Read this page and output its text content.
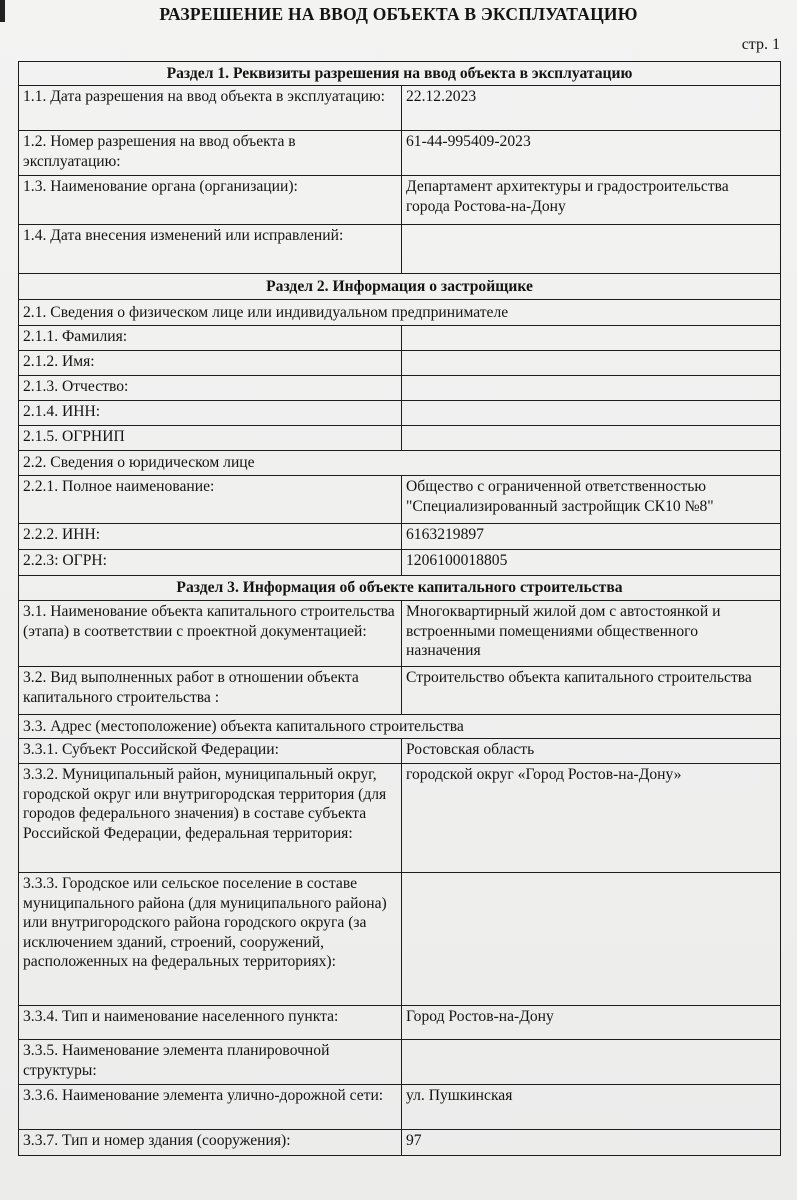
РАЗРЕШЕНИЕ НА ВВОД ОБЪЕКТА В ЭКСПЛУАТАЦИЮ
стр. 1
Раздел 1. Реквизиты разрешения на ввод объекта в эксплуатацию	
1.1. Дата разрешения на ввод объекта в эксплуатацию:	22.12.2023
1.2. Номер разрешения на ввод объекта в эксплуатацию:	61-44-995409-2023
1.3. Наименование органа (организации):	Департамент архитектуры и градостроительства города Ростова-на-Дону
1.4. Дата внесения изменений или исправлений:	
Раздел 2. Информация о застройщике	
2.1. Сведения о физическом лице или индивидуальном предпринимателе	
2.1.1. Фамилия:	
2.1.2. Имя:	
2.1.3. Отчество:	
2.1.4. ИНН:	
2.1.5. ОГРНИП	
2.2. Сведения о юридическом лице	
2.2.1. Полное наименование:	Общество с ограниченной ответственностью "Специализированный застройщик СК10 №8"
2.2.2. ИНН:	6163219897
2.2.3: ОГРН:	1206100018805
Раздел 3. Информация об объекте капитального строительства	
3.1. Наименование объекта капитального строительства (этапа) в соответствии с проектной документацией:	Многоквартирный жилой дом с автостоянкой и встроенными помещениями общественного назначения
3.2. Вид выполненных работ в отношении объекта капитального строительства :	Строительство объекта капитального строительства
3.3. Адрес (местоположение) объекта капитального строительства	
3.3.1. Субъект Российской Федерации:	Ростовская область
3.3.2. Муниципальный район, муниципальный округ, городской округ или внутригородская территория (для городов федерального значения) в составе субъекта Российской Федерации, федеральная территория:	городской округ «Город Ростов-на-Дону»
3.3.3. Городское или сельское поселение в составе муниципального района (для муниципального района) или внутригородского района городского округа (за исключением зданий, строений, сооружений, расположенных на федеральных территориях):	
3.3.4. Тип и наименование населенного пункта:	Город Ростов-на-Дону
3.3.5. Наименование элемента планировочной структуры:	
3.3.6. Наименование элемента улично-дорожной сети:	ул. Пушкинская
3.3.7. Тип и номер здания (сооружения):	97
